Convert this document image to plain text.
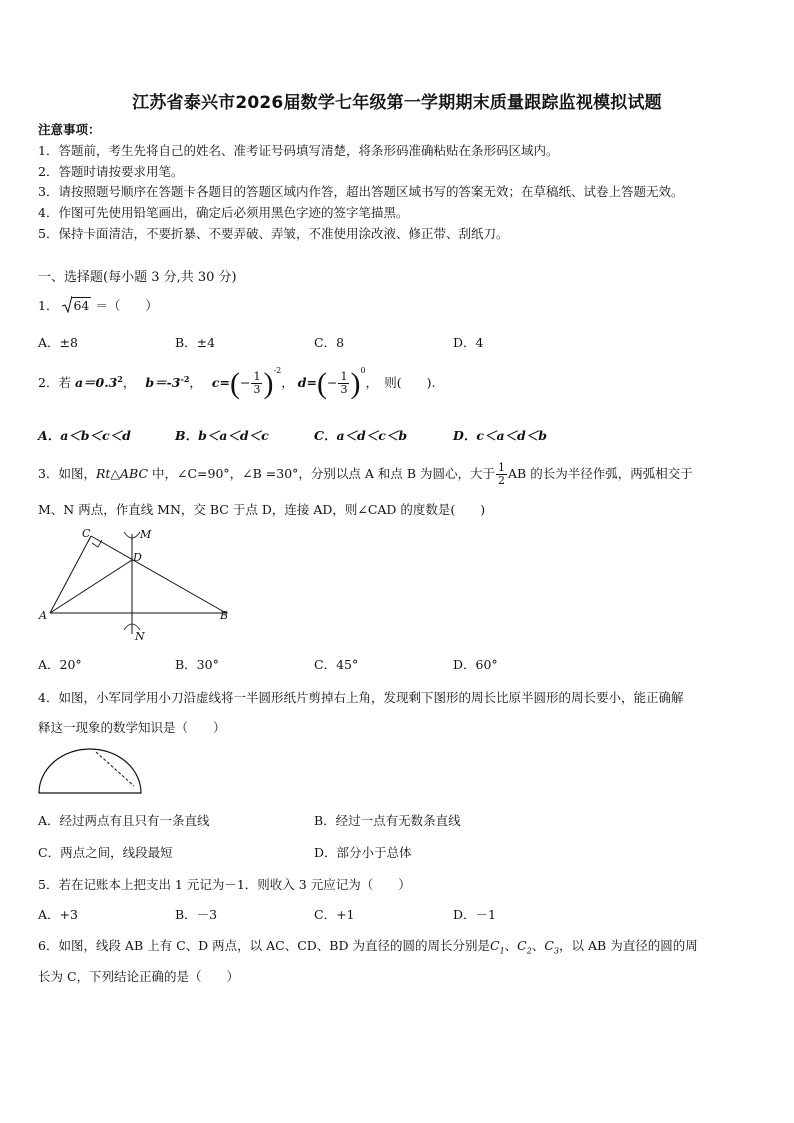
江苏省泰兴市2026届数学七年级第一学期期末质量跟踪监视模拟试题
注意事项：
1．答题前，考生先将自己的姓名、准考证号码填写清楚，将条形码准确粘贴在条形码区域内。
2．答题时请按要求用笔。
3．请按照题号顺序在答题卡各题目的答题区域内作答，超出答题区域书写的答案无效；在草稿纸、试卷上答题无效。
4．作图可先使用铅笔画出，确定后必须用黑色字迹的签字笔描黑。
5．保持卡面清洁，不要折暴、不要弄破、弄皱，不准使用涂改液、修正带、刮纸刀。
一、选择题(每小题 3 分,共 30 分)
1． 64 ＝（　　）
A．±8	B．±4	C．8	D．4
2．若 $a=0.3^2$， $b=-3^{-2}$， $c=(- \frac{1}{3} )^{-2}$， $d=(- \frac{1}{3} )^0$，　则(　　).
A．a＜b＜c＜d	B．b＜a＜d＜c	C．a＜d＜c＜b	D．c＜a＜d＜b
3．如图，Rt△ABC 中，∠C=90°，∠B =30°，分别以点 A 和点 B 为圆心，大于 $\frac{1}{2}$ AB 的长为半径作弧，两弧相交于
M、N 两点，作直线 MN，交 BC 于点 D，连接 AD，则∠CAD 的度数是(　　)
A	B
C
D
M
N
A．20°	B．30°	C．45°	D．60°
4．如图，小军同学用小刀沿虚线将一半圆形纸片剪掉右上角，发现剩下图形的周长比原半圆形的周长要小，能正确解
释这一现象的数学知识是（　　）
A．经过两点有且只有一条直线	B．经过一点有无数条直线
C．两点之间，线段最短	D．部分小于总体
5．若在记账本上把支出 1 元记为－1．则收入 3 元应记为（　　）
A．+3	B．－3	C．+1	D．－1
6．如图，线段 AB 上有 C、D 两点，以 AC、CD、BD 为直径的圆的周长分别是$C_1$、$C_2$、$C_3$，以 AB 为直径的圆的周
长为 C，下列结论正确的是（　　）
